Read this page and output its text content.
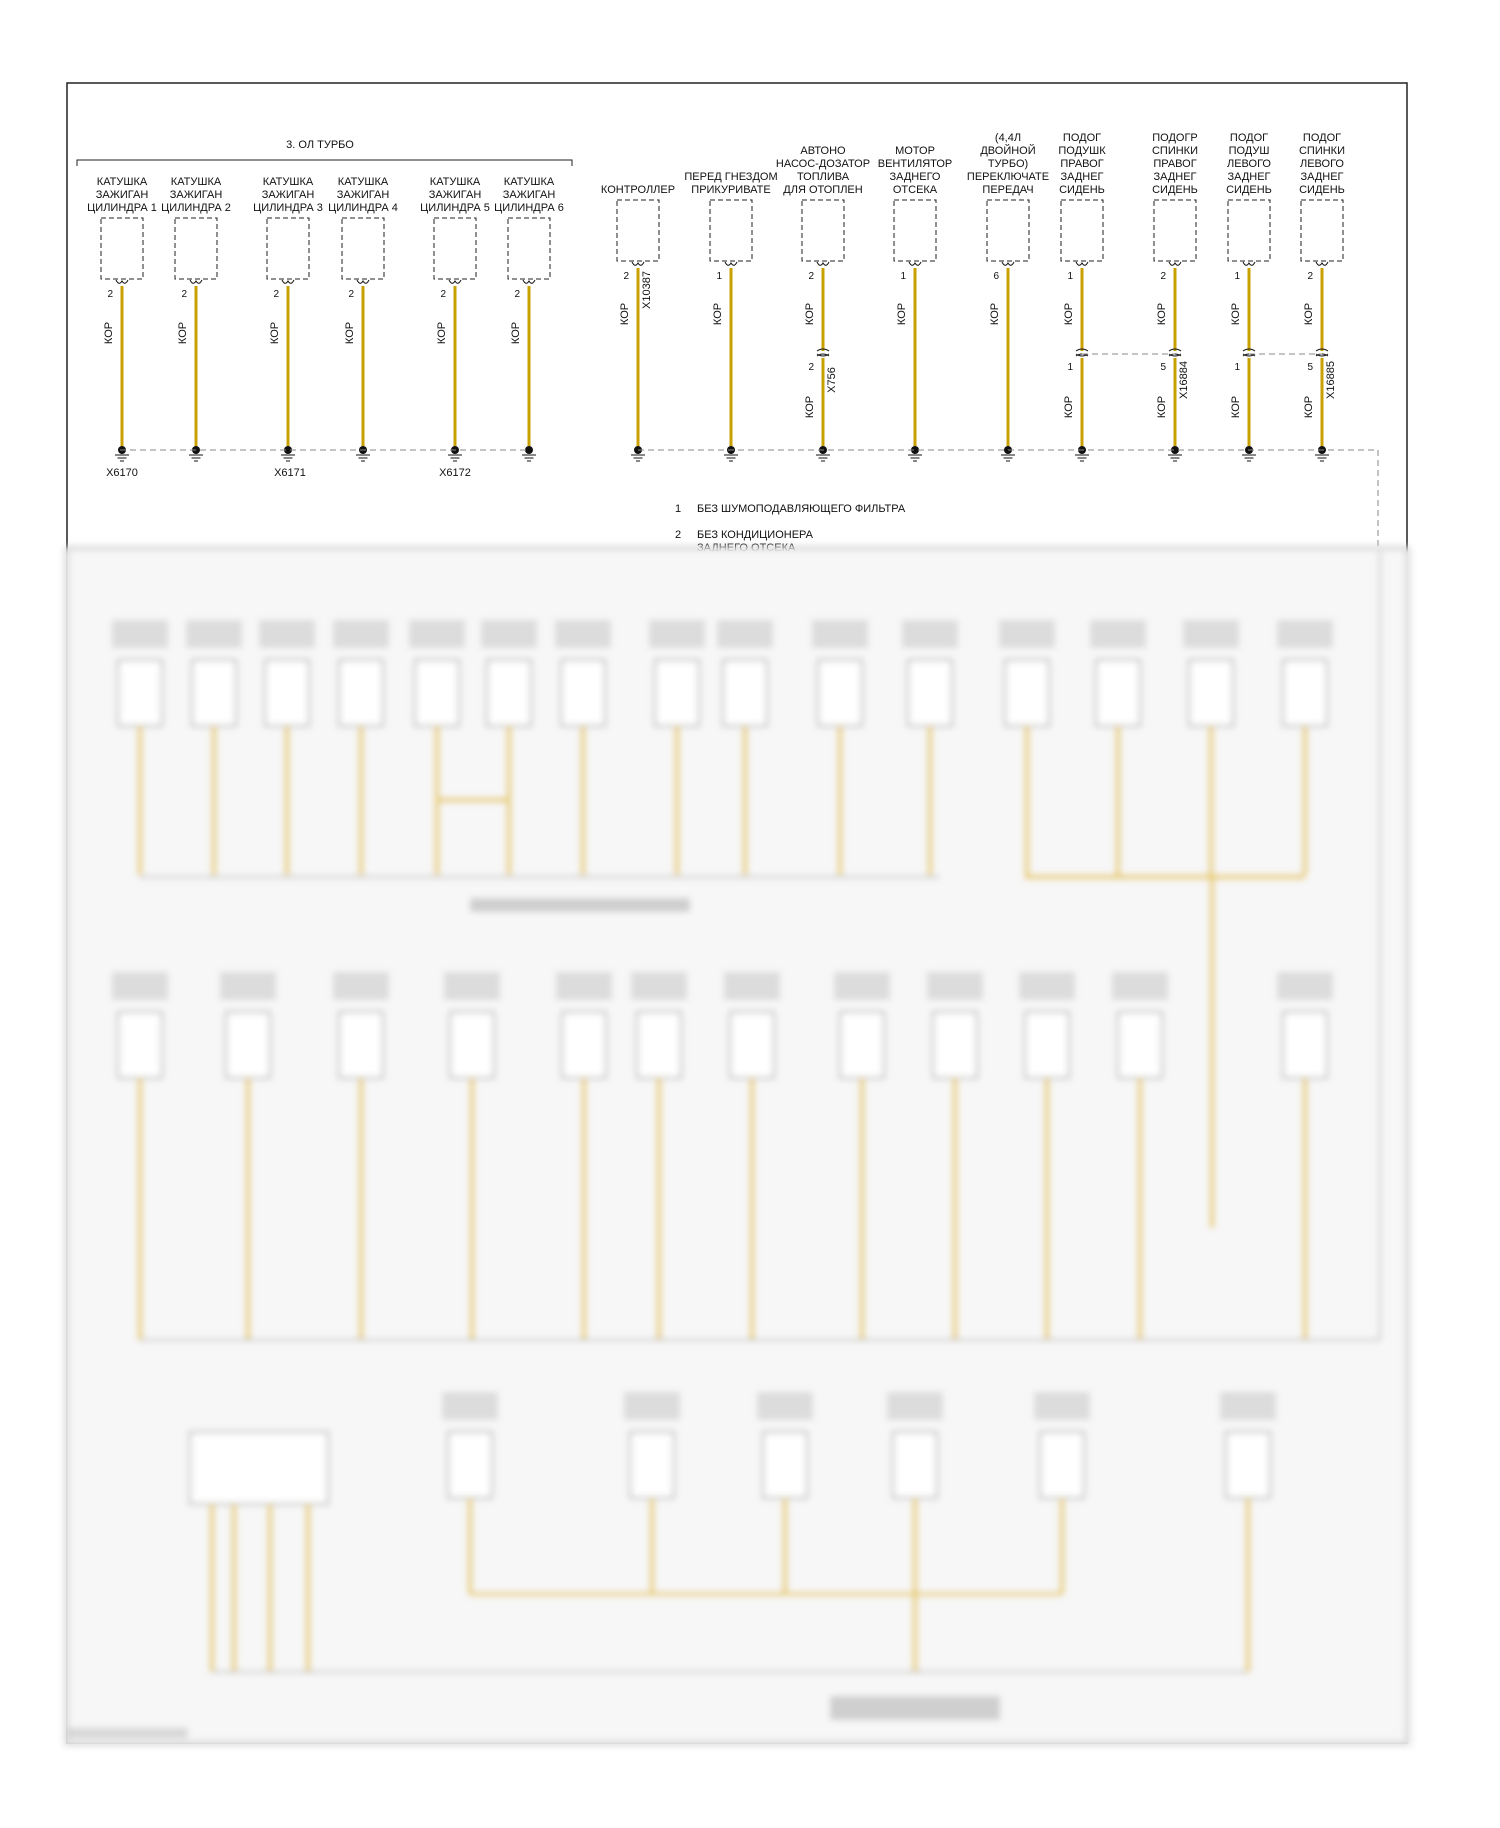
3. ОЛ ТУРБО
КАТУШКА
ЗАЖИГАН
ЦИЛИНДРА 1
2
КОР
КАТУШКА
ЗАЖИГАН
ЦИЛИНДРА 2
2
КОР
КАТУШКА
ЗАЖИГАН
ЦИЛИНДРА 3
2
КОР
КАТУШКА
ЗАЖИГАН
ЦИЛИНДРА 4
2
КОР
КАТУШКА
ЗАЖИГАН
ЦИЛИНДРА 5
2
КОР
КАТУШКА
ЗАЖИГАН
ЦИЛИНДРА 6
2
КОР
КОНТРОЛЛЕР
2 X10387
КОР
ПЕРЕД ГНЕЗДОМ
ПРИКУРИВАТЕ
1
КОР
АВТОНО
НАСОС-ДОЗАТОР
ТОПЛИВА
ДЛЯ ОТОПЛЕН
2
КОР
2 X756
КОР
МОТОР
ВЕНТИЛЯТОР
ЗАДНЕГО
ОТСЕКА
1
КОР
(4,4Л
ДВОЙНОЙ
ТУРБО)
ПЕРЕКЛЮЧАТЕ
ПЕРЕДАЧ
6
КОР
ПОДОГ
ПОДУШК
ПРАВОГ
ЗАДНЕГ
СИДЕНЬ
1
КОР
1
КОР
ПОДОГР
СПИНКИ
ПРАВОГ
ЗАДНЕГ
СИДЕНЬ
2
КОР
5 X16884
КОР
ПОДОГ
ПОДУШ
ЛЕВОГО
ЗАДНЕГ
СИДЕНЬ
1
КОР
1
КОР
ПОДОГ
СПИНКИ
ЛЕВОГО
ЗАДНЕГ
СИДЕНЬ
2
КОР
5 X16885
КОР
X6170	X6171	X6172
1 БЕЗ ШУМОПОДАВЛЯЮЩЕГО ФИЛЬТРА
2 БЕЗ КОНДИЦИОНЕРА
